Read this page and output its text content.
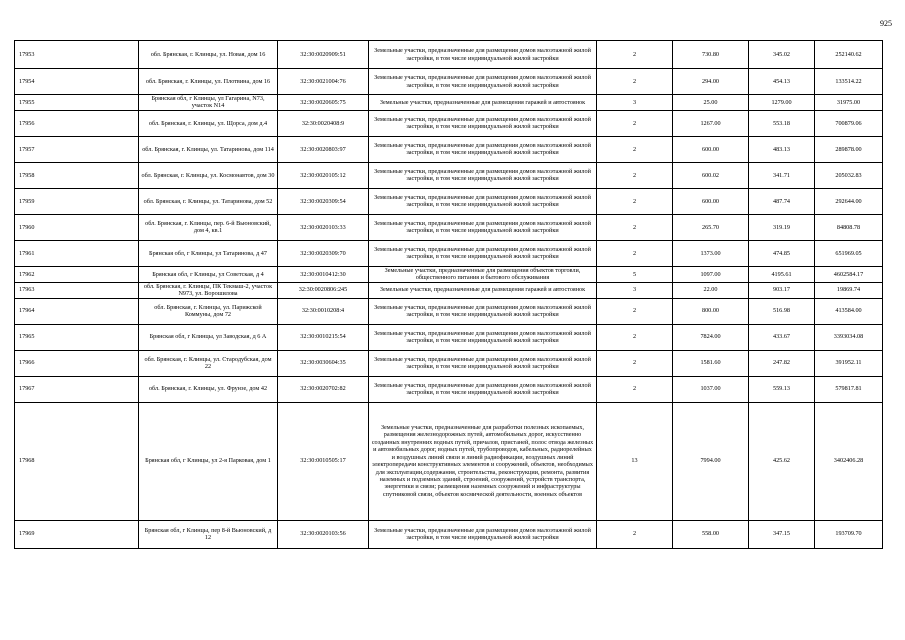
925
17953	обл. Брянская, г. Клинцы, ул. Новая, дом 16	32:30:0020909:51	Земельные участки, предназначенные для размещения домов малоэтажной жилой застройки, в том числе индивидуальной жилой застройки	2	730.80	345.02	252140.62
17954	обл. Брянская, г. Клинцы, ул. Плотвина, дом 16	32:30:0021004:76	Земельные участки, предназначенные для размещения домов малоэтажной жилой застройки, в том числе индивидуальной жилой застройки	2	294.00	454.13	133514.22
17955	Брянская обл, г Клинцы, ул Гагарина, N73, участок N14	32:30:0020605:75	Земельные участки, предназначенные для размещения гаражей и автостоянок	3	25.00	1279.00	31975.00
17956	обл. Брянская, г. Клинцы, ул. Щорса, дом д.4	32:30:0020408:9	Земельные участки, предназначенные для размещения домов малоэтажной жилой застройки, в том числе индивидуальной жилой застройки	2	1267.00	553.18	700879.06
17957	обл. Брянская, г. Клинцы, ул. Татаринова, дом 114	32:30:0020803:97	Земельные участки, предназначенные для размещения домов малоэтажной жилой застройки, в том числе индивидуальной жилой застройки	2	600.00	483.13	289878.00
17958	обл. Брянская, г. Клинцы, ул. Космонавтов, дом 30	32:30:0020105:12	Земельные участки, предназначенные для размещения домов малоэтажной жилой застройки, в том числе индивидуальной жилой застройки	2	600.02	341.71	205032.83
17959	обл. Брянская, г. Клинцы, ул. Татаринова, дом 52	32:30:0020309:54	Земельные участки, предназначенные для размещения домов малоэтажной жилой застройки, в том числе индивидуальной жилой застройки	2	600.00	487.74	292644.00
17960	обл. Брянская, г. Клинцы, пер. 6-й Вьюновский, дом 4, кв.1	32:30:0020103:33	Земельные участки, предназначенные для размещения домов малоэтажной жилой застройки, в том числе индивидуальной жилой застройки	2	265.70	319.19	84808.78
17961	Брянская обл, г Клинцы, ул Татаринова, д 47	32:30:0020309:70	Земельные участки, предназначенные для размещения домов малоэтажной жилой застройки, в том числе индивидуальной жилой застройки	2	1373.00	474.85	651969.05
17962	Брянская обл, г Клинцы, ул Советская, д 4	32:30:0010412:30	Земельные участки, предназначенные для размещения объектов торговли, общественного питания и бытового обслуживания	5	1097.00	4195.61	4602584.17
17963	обл. Брянская, г. Клинцы, ПК Текмаш-2, участок N973, ул. Ворошилова	32:30:0020806:245	Земельные участки, предназначенные для размещения гаражей и автостоянок	3	22.00	903.17	19869.74
17964	обл. Брянская, г. Клинцы, ул. Парижской Коммуны, дом 72	32:30:0010208:4	Земельные участки, предназначенные для размещения домов малоэтажной жилой застройки, в том числе индивидуальной жилой застройки	2	800.00	516.98	413584.00
17965	Брянская обл, г Клинцы, ул Заводская, д 6 А	32:30:0010215:54	Земельные участки, предназначенные для размещения домов малоэтажной жилой застройки, в том числе индивидуальной жилой застройки	2	7824.00	433.67	3393034.08
17966	обл. Брянская, г. Клинцы, ул. Стародубская, дом 22	32:30:0030604:35	Земельные участки, предназначенные для размещения домов малоэтажной жилой застройки, в том числе индивидуальной жилой застройки	2	1581.60	247.82	391952.11
17967	обл. Брянская, г. Клинцы, ул. Фрунзе, дом 42	32:30:0020702:82	Земельные участки, предназначенные для размещения домов малоэтажной жилой застройки, в том числе индивидуальной жилой застройки	2	1037.00	559.13	579817.81
17968	Брянская обл, г Клинцы, ул 2-я Парковая, дом 1	32:30:0010505:17	Земельные участки, предназначенные для разработки полезных ископаемых, размещения железнодорожных путей, автомобильных дорог, искусственно созданных внутренних водных путей, причалов, пристаней, полос отвода железных и автомобильных дорог, водных путей, трубопроводов, кабельных, радиорелейных и воздушных линий связи и линий радиофикации, воздушных линий электропередачи конструктивных элементов и сооружений, объектов, необходимых для эксплуатации,содержания, строительства, реконструкции, ремонта, развития наземных и подземных зданий, строений, сооружений, устройств транспорта, энергетики и связи; размещения наземных сооружений и инфраструктуры спутниковой связи, объектов космической деятельности, военных объектов	13	7994.00	425.62	3402406.28
17969	Брянская обл, г Клинцы, пер 8-й Вьюновский, д 12	32:30:0020103:56	Земельные участки, предназначенные для размещения домов малоэтажной жилой застройки, в том числе индивидуальной жилой застройки	2	558.00	347.15	193709.70
